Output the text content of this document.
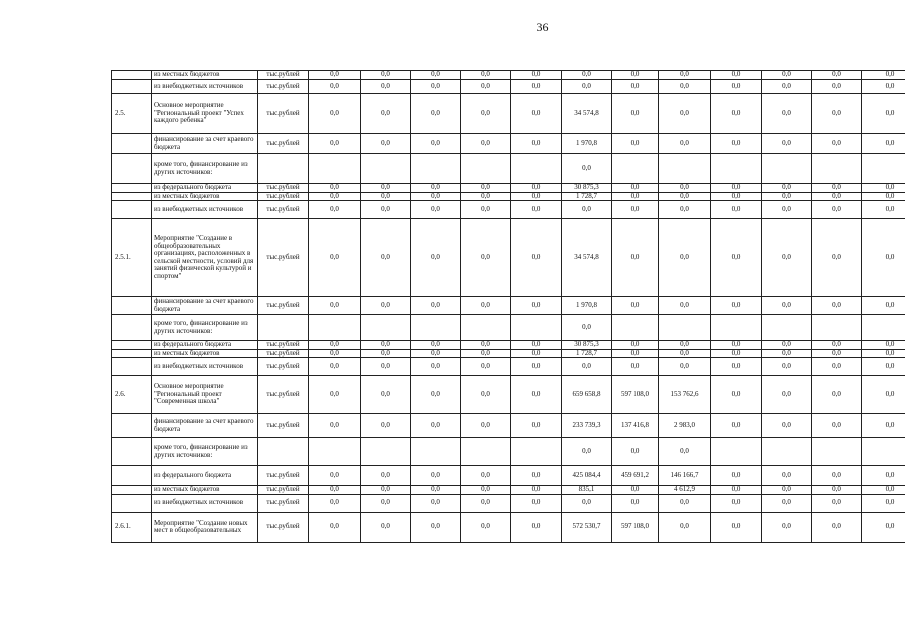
36
	из местных бюджетов	тыс.рублей	0,0	0,0	0,0	0,0	0,0	0,0	0,0	0,0	0,0	0,0	0,0	0,0
	из внебюджетных источников	тыс.рублей	0,0	0,0	0,0	0,0	0,0	0,0	0,0	0,0	0,0	0,0	0,0	0,0
2.5.	Основное мероприятие "Региональный проект "Успех каждого ребенка"	тыс.рублей	0,0	0,0	0,0	0,0	0,0	34 574,8	0,0	0,0	0,0	0,0	0,0	0,0
	финансирование за счет краевого бюджета	тыс.рублей	0,0	0,0	0,0	0,0	0,0	1 970,8	0,0	0,0	0,0	0,0	0,0	0,0
	кроме того, финансирование из других источников:							0,0						
	из федерального бюджета	тыс.рублей	0,0	0,0	0,0	0,0	0,0	30 875,3	0,0	0,0	0,0	0,0	0,0	0,0
	из местных бюджетов	тыс.рублей	0,0	0,0	0,0	0,0	0,0	1 728,7	0,0	0,0	0,0	0,0	0,0	0,0
	из внебюджетных источников	тыс.рублей	0,0	0,0	0,0	0,0	0,0	0,0	0,0	0,0	0,0	0,0	0,0	0,0
2.5.1.	Мероприятие "Создание в общеобразовательных организациях, расположенных в сельской местности, условий для занятий физической культурой и спортом"	тыс.рублей	0,0	0,0	0,0	0,0	0,0	34 574,8	0,0	0,0	0,0	0,0	0,0	0,0
	финансирование за счет краевого бюджета	тыс.рублей	0,0	0,0	0,0	0,0	0,0	1 970,8	0,0	0,0	0,0	0,0	0,0	0,0
	кроме того, финансирование из других источников:							0,0						
	из федерального бюджета	тыс.рублей	0,0	0,0	0,0	0,0	0,0	30 875,3	0,0	0,0	0,0	0,0	0,0	0,0
	из местных бюджетов	тыс.рублей	0,0	0,0	0,0	0,0	0,0	1 728,7	0,0	0,0	0,0	0,0	0,0	0,0
	из внебюджетных источников	тыс.рублей	0,0	0,0	0,0	0,0	0,0	0,0	0,0	0,0	0,0	0,0	0,0	0,0
2.6.	Основное мероприятие "Региональный проект "Современная школа"	тыс.рублей	0,0	0,0	0,0	0,0	0,0	659 658,8	597 108,0	153 762,6	0,0	0,0	0,0	0,0
	финансирование за счет краевого бюджета	тыс.рублей	0,0	0,0	0,0	0,0	0,0	233 739,3	137 416,8	2 983,0	0,0	0,0	0,0	0,0
	кроме того, финансирование из других источников:							0,0	0,0	0,0				
	из федерального бюджета	тыс.рублей	0,0	0,0	0,0	0,0	0,0	425 084,4	459 691,2	146 166,7	0,0	0,0	0,0	0,0
	из местных бюджетов	тыс.рублей	0,0	0,0	0,0	0,0	0,0	835,1	0,0	4 612,9	0,0	0,0	0,0	0,0
	из внебюджетных источников	тыс.рублей	0,0	0,0	0,0	0,0	0,0	0,0	0,0	0,0	0,0	0,0	0,0	0,0
2.6.1.	Мероприятие "Создание новых мест в общеобразовательных	тыс.рублей	0,0	0,0	0,0	0,0	0,0	572 530,7	597 108,0	0,0	0,0	0,0	0,0	0,0
